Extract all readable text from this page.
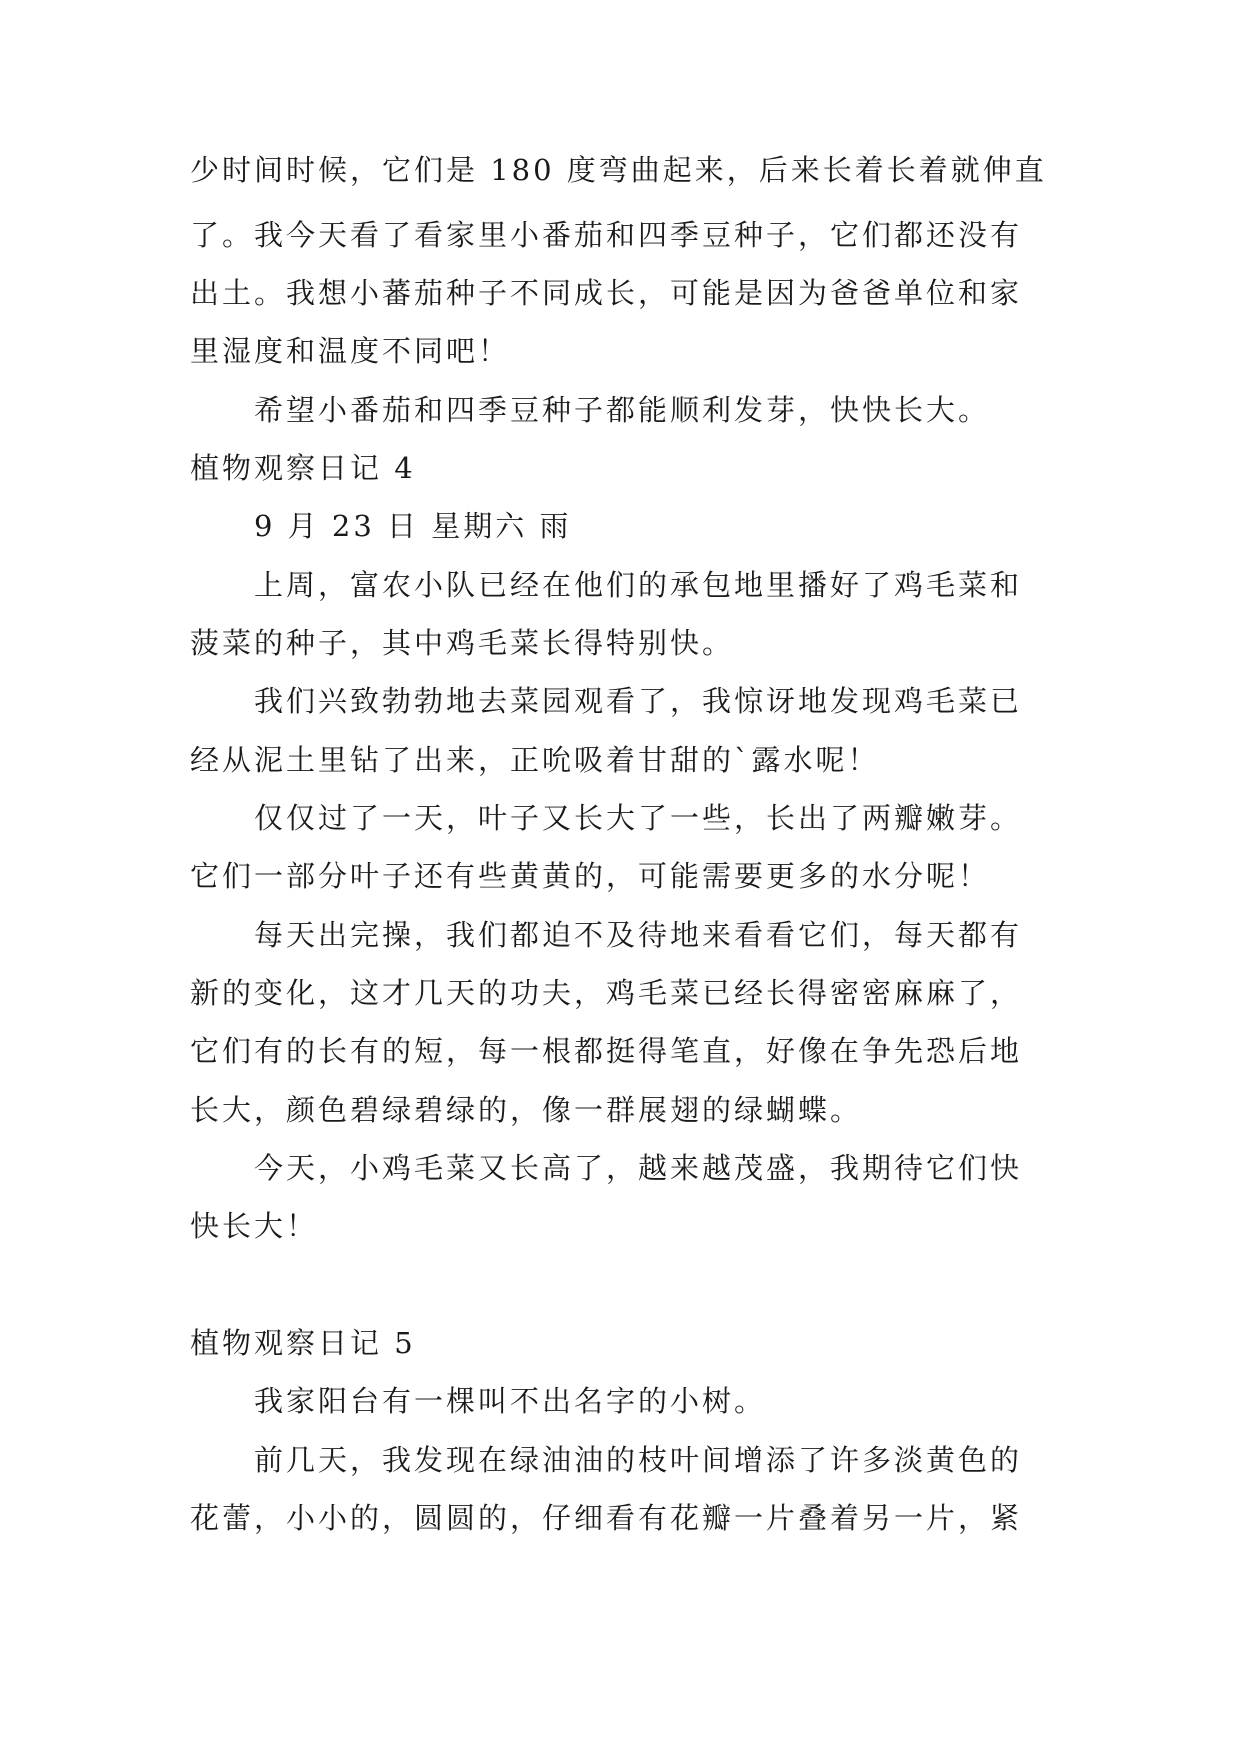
少时间时候，它们是 180 度弯曲起来，后来长着长着就伸直
了。我今天看了看家里小番茄和四季豆种子，它们都还没有
出土。我想小蕃茄种子不同成长，可能是因为爸爸单位和家
里湿度和温度不同吧！
希望小番茄和四季豆种子都能顺利发芽，快快长大。
植物观察日记 4
9 月 23 日 星期六 雨
上周，富农小队已经在他们的承包地里播好了鸡毛菜和
菠菜的种子，其中鸡毛菜长得特别快。
我们兴致勃勃地去菜园观看了，我惊讶地发现鸡毛菜已
经从泥土里钻了出来，正吮吸着甘甜的`露水呢！
仅仅过了一天，叶子又长大了一些，长出了两瓣嫩芽。
它们一部分叶子还有些黄黄的，可能需要更多的水分呢！
每天出完操，我们都迫不及待地来看看它们，每天都有
新的变化，这才几天的功夫，鸡毛菜已经长得密密麻麻了，
它们有的长有的短，每一根都挺得笔直，好像在争先恐后地
长大，颜色碧绿碧绿的，像一群展翅的绿蝴蝶。
今天，小鸡毛菜又长高了，越来越茂盛，我期待它们快
快长大！
植物观察日记 5
我家阳台有一棵叫不出名字的小树。
前几天，我发现在绿油油的枝叶间增添了许多淡黄色的
花蕾，小小的，圆圆的，仔细看有花瓣一片叠着另一片，紧
